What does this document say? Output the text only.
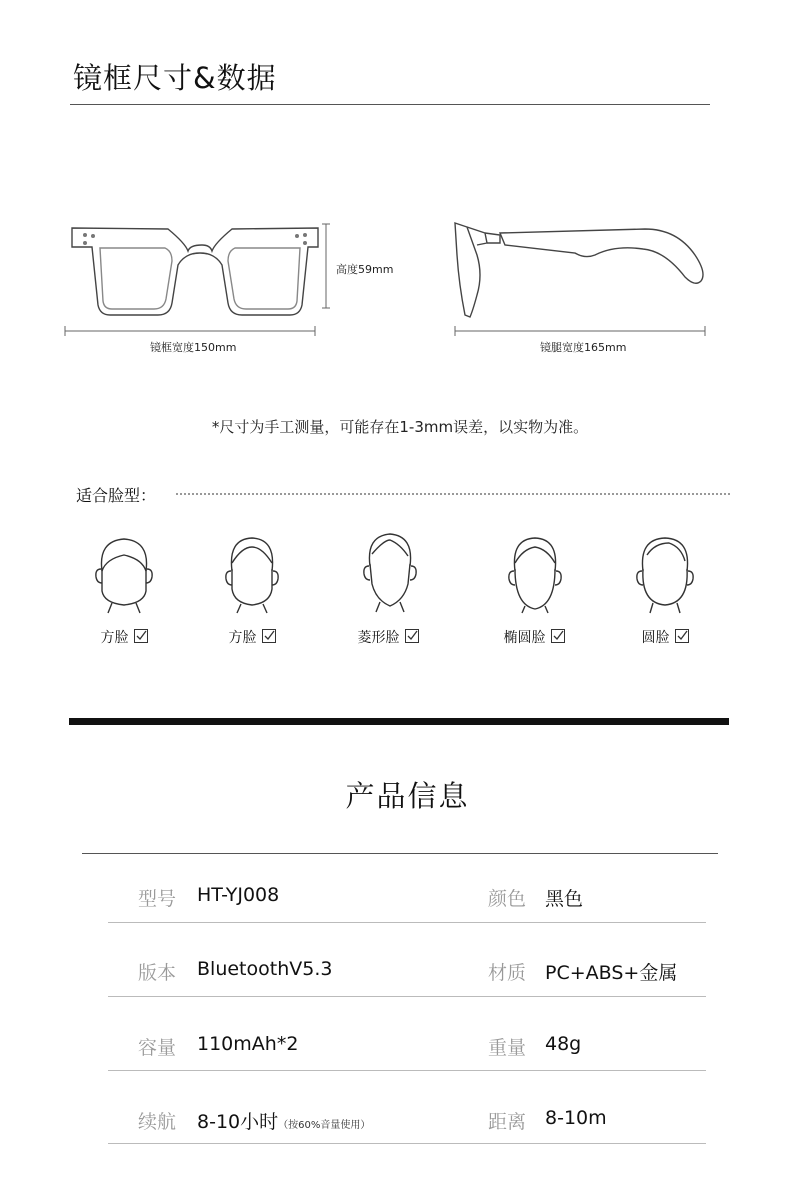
镜框尺寸&数据
高度59mm
镜框宽度150mm	镜腿宽度165mm
*尺寸为手工测量，可能存在1-3mm误差，以实物为准。
适合脸型：
方脸	方脸	菱形脸	椭圆脸	圆脸
产品信息
型号 HT-YJ008	颜色 黑色
版本 BluetoothV5.3	材质 PC+ABS+金属
容量 110mAh*2	重量 48g
续航 8-10小时（按60%音量使用）	距离 8-10m
